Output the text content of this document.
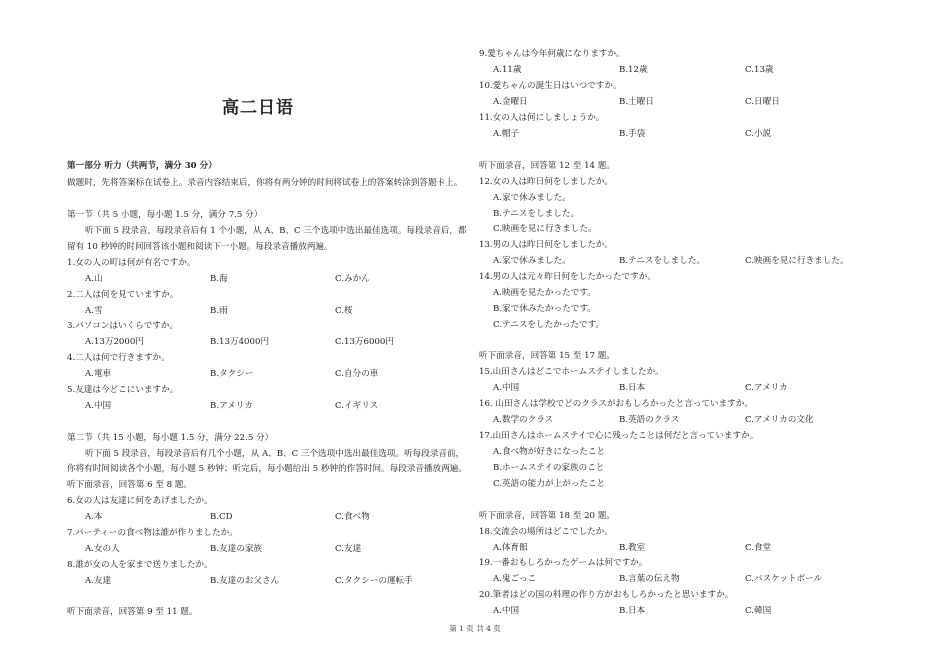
高二日语
第一部分 听力（共两节，满分 30 分）
做题时，先将答案标在试卷上。录音内容结束后，你将有两分钟的时间将试卷上的答案转涂到答题卡上。
第一节（共 5 小题，每小题 1.5 分，满分 7.5 分）
听下面 5 段录音，每段录音后有 1 个小题，从 A、B、C 三个选项中选出最佳选项。每段录音后，都
留有 10 秒钟的时间回答该小题和阅读下一小题。每段录音播放两遍。
1.女の人の町は何が有名ですか。
A.山	B.海	C.みかん
2.二人は何を見ていますか。
A.雪	B.雨	C.桜
3.パソコンはいくらですか。
A.13万2000円	B.13万4000円	C.13万6000円
4.二人は何で行きますか。
A.電車	B.タクシー	C.自分の車
5.友達は今どこにいますか。
A.中国	B.アメリカ	C.イギリス
第二节（共 15 小题，每小题 1.5 分，满分 22.5 分）
听下面 5 段录音，每段录音后有几个小题，从 A、B、C 三个选项中选出最佳选项。听每段录音前，
你将有时间阅读各个小题，每小题 5 秒钟；听完后，每小题给出 5 秒钟的作答时间。每段录音播放两遍。
听下面录音，回答第 6 至 8 题。
6.女の人は友達に何をあげましたか。
A.本	B.CD	C.食べ物
7.パーティーの食べ物は誰が作りましたか。
A.女の人	B.友達の家族	C.友達
8.誰が女の人を家まで送りましたか。
A.友達	B.友達のお父さん	C.タクシーの運転手
听下面录音，回答第 9 至 11 题。
9.愛ちゃんは今年何歳になりますか。
A.11歳	B.12歳	C.13歳
10.愛ちゃんの誕生日はいつですか。
A.金曜日	B.土曜日	C.日曜日
11.女の人は何にしましょうか。
A.帽子	B.手袋	C.小説
听下面录音，回答第 12 至 14 题。
12.女の人は昨日何をしましたか。
A.家で休みました。
B.テニスをしました。
C.映画を見に行きました。
13.男の人は昨日何をしましたか。
A.家で休みました。	B.テニスをしました。	C.映画を見に行きました。
14.男の人は元々昨日何をしたかったですか。
A.映画を見たかったです。
B.家で休みたかったです。
C.テニスをしたかったです。
听下面录音，回答第 15 至 17 题。
15.山田さんはどこでホームステイしましたか。
A.中国	B.日本	C.アメリカ
16. 山田さんは学校でどのクラスがおもしろかったと言っていますか。
A.数学のクラス	B.英語のクラス	C.アメリカの文化
17.山田さんはホームステイで心に残ったことは何だと言っていますか。
A.食べ物が好きになったこと
B.ホームステイの家族のこと
C.英語の能力が上がったこと
听下面录音，回答第 18 至 20 题。
18.交流会の場所はどこでしたか。
A.体育館	B.教室	C.食堂
19.一番おもしろかったゲームは何ですか。
A.鬼ごっこ	B.言葉の伝え物	C.バスケットボール
20.筆者はどの国の料理の作り方がおもしろかったと思いますか。
A.中国	B.日本	C.韓国
第 1 页 共 4 页
